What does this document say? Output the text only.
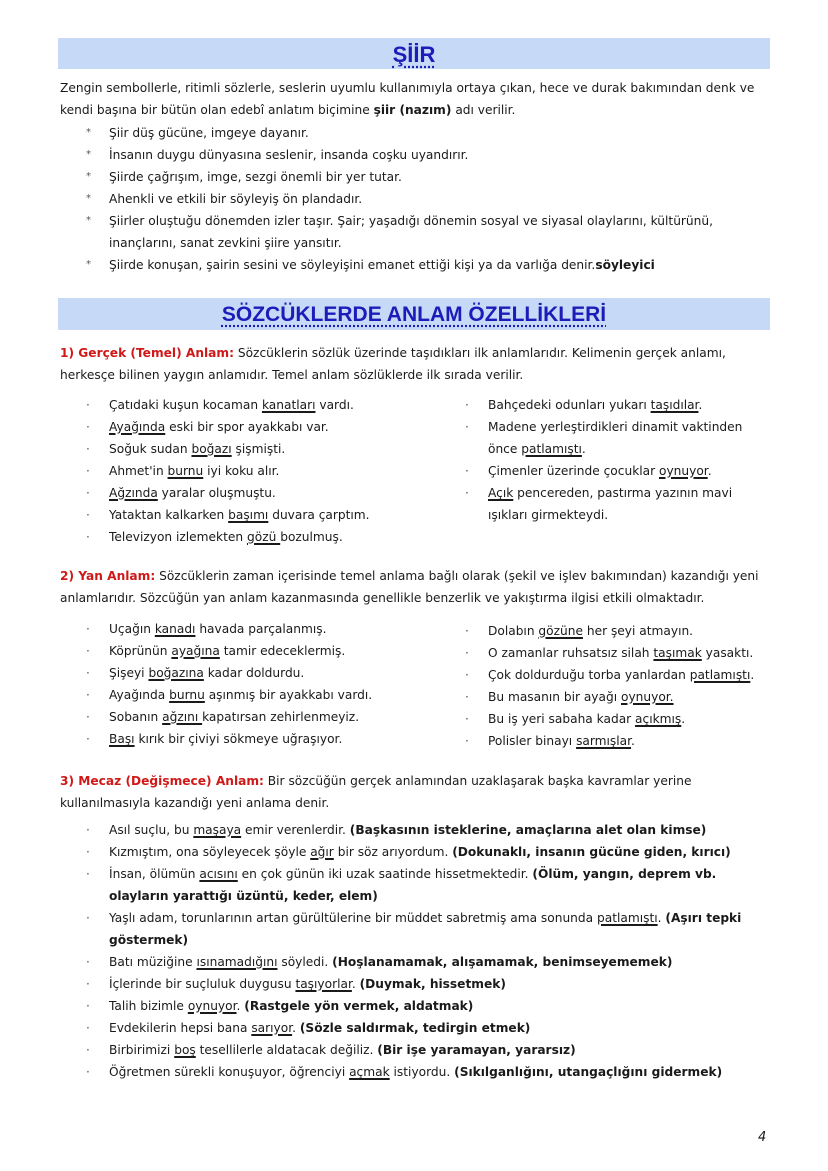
ŞİİR
Zengin sembollerle, ritimli sözlerle, seslerin uyumlu kullanımıyla ortaya çıkan, hece ve durak bakımından denk ve kendi başına bir bütün olan edebî anlatım biçimine şiir (nazım) adı verilir.
* Şiir düş gücüne, imgeye dayanır.
* İnsanın duygu dünyasına seslenir, insanda coşku uyandırır.
* Şiirde çağrışım, imge, sezgi önemli bir yer tutar.
* Ahenkli ve etkili bir söyleyiş ön plandadır.
* Şiirler oluştuğu dönemden izler taşır. Şair; yaşadığı dönemin sosyal ve siyasal olaylarını, kültürünü, inançlarını, sanat zevkini şiire yansıtır.
* Şiirde konuşan, şairin sesini ve söyleyişini emanet ettiği kişi ya da varlığa denir.söyleyici
SÖZCÜKLERDE ANLAM ÖZELLİKLERİ
1) Gerçek (Temel) Anlam: Sözcüklerin sözlük üzerinde taşıdıkları ilk anlamlarıdır. Kelimenin gerçek anlamı, herkesçe bilinen yaygın anlamıdır. Temel anlam sözlüklerde ilk sırada verilir.
· Çatıdaki kuşun kocaman kanatları vardı.
· Ayağında eski bir spor ayakkabı var.
· Soğuk sudan boğazı şişmişti.
· Ahmet'in burnu iyi koku alır.
· Ağzında yaralar oluşmuştu.
· Yataktan kalkarken başımı duvara çarptım.
· Televizyon izlemekten gözü bozulmuş.
· Bahçedeki odunları yukarı taşıdılar.
· Madene yerleştirdikleri dinamit vaktinden önce patlamıştı.
· Çimenler üzerinde çocuklar oynuyor.
· Açık pencereden, pastırma yazının mavi ışıkları girmekteydi.
2) Yan Anlam: Sözcüklerin zaman içerisinde temel anlama bağlı olarak (şekil ve işlev bakımından) kazandığı yeni anlamlarıdır. Sözcüğün yan anlam kazanmasında genellikle benzerlik ve yakıştırma ilgisi etkili olmaktadır.
· Uçağın kanadı havada parçalanmış.
· Köprünün ayağına tamir edeceklermiş.
· Şişeyi boğazına kadar doldurdu.
· Ayağında burnu aşınmış bir ayakkabı vardı.
· Sobanın ağzını kapatırsan zehirlenmeyiz.
· Başı kırık bir çiviyi sökmeye uğraşıyor.
· Dolabın gözüne her şeyi atmayın.
· O zamanlar ruhsatsız silah taşımak yasaktı.
· Çok doldurduğu torba yanlardan patlamıştı.
· Bu masanın bir ayağı oynuyor.
· Bu iş yeri sabaha kadar açıkmış.
· Polisler binayı sarmışlar.
3) Mecaz (Değişmece) Anlam: Bir sözcüğün gerçek anlamından uzaklaşarak başka kavramlar yerine kullanılmasıyla kazandığı yeni anlama denir.
· Asıl suçlu, bu maşaya emir verenlerdir. (Başkasının isteklerine, amaçlarına alet olan kimse)
· Kızmıştım, ona söyleyecek şöyle ağır bir söz arıyordum. (Dokunaklı, insanın gücüne giden, kırıcı)
· İnsan, ölümün acısını en çok günün iki uzak saatinde hissetmektedir. (Ölüm, yangın, deprem vb. olayların yarattığı üzüntü, keder, elem)
· Yaşlı adam, torunlarının artan gürültülerine bir müddet sabretmiş ama sonunda patlamıştı. (Aşırı tepki göstermek)
· Batı müziğine ısınamadığını söyledi. (Hoşlanamamak, alışamamak, benimseyememek)
· İçlerinde bir suçluluk duygusu taşıyorlar. (Duymak, hissetmek)
· Talih bizimle oynuyor. (Rastgele yön vermek, aldatmak)
· Evdekilerin hepsi bana sarıyor. (Sözle saldırmak, tedirgin etmek)
· Birbirimizi boş tesellilerle aldatacak değiliz. (Bir işe yaramayan, yararsız)
· Öğretmen sürekli konuşuyor, öğrenciyi açmak istiyordu. (Sıkılganlığını, utangaçlığını gidermek)
4
